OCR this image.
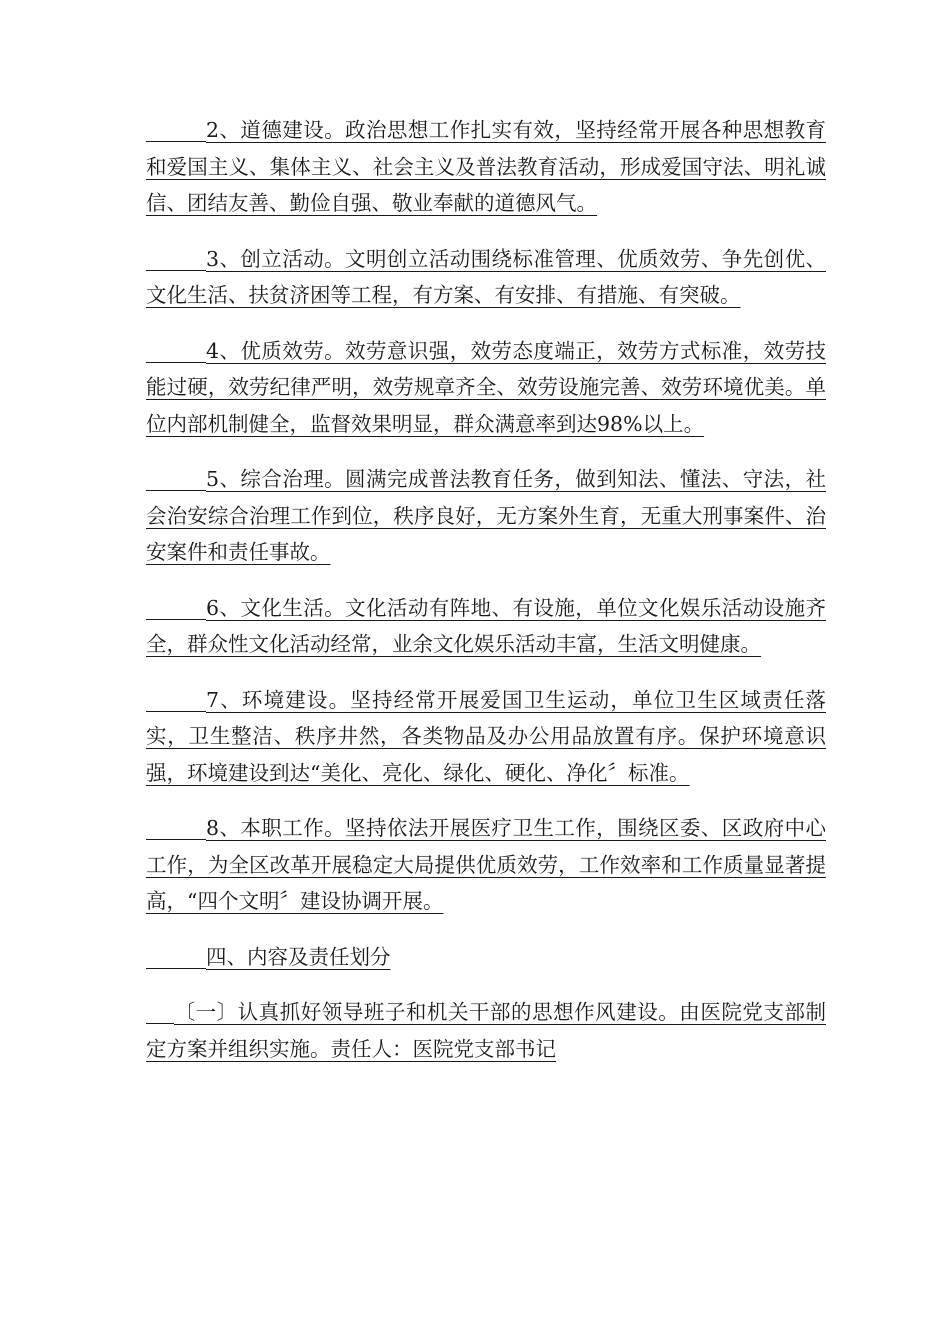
2、道德建设。政治思想工作扎实有效，坚持经常开展各种思想教育和爱国主义、集体主义、社会主义及普法教育活动，形成爱国守法、明礼诚信、团结友善、勤俭自强、敬业奉献的道德风气。

3、创立活动。文明创立活动围绕标准管理、优质效劳、争先创优、文化生活、扶贫济困等工程，有方案、有安排、有措施、有突破。

4、优质效劳。效劳意识强，效劳态度端正，效劳方式标准，效劳技能过硬，效劳纪律严明，效劳规章齐全、效劳设施完善、效劳环境优美。单位内部机制健全，监督效果明显，群众满意率到达98%以上。

5、综合治理。圆满完成普法教育任务，做到知法、懂法、守法，社会治安综合治理工作到位，秩序良好，无方案外生育，无重大刑事案件、治安案件和责任事故。

6、文化生活。文化活动有阵地、有设施，单位文化娱乐活动设施齐全，群众性文化活动经常，业余文化娱乐活动丰富，生活文明健康。

7、环境建设。坚持经常开展爱国卫生运动，单位卫生区域责任落实，卫生整洁、秩序井然，各类物品及办公用品放置有序。保护环境意识强，环境建设到达“美化、亮化、绿化、硬化、净化〞标准。

8、本职工作。坚持依法开展医疗卫生工作，围绕区委、区政府中心工作，为全区改革开展稳定大局提供优质效劳，工作效率和工作质量显著提高，“四个文明〞建设协调开展。

四、内容及责任划分

〔一〕认真抓好领导班子和机关干部的思想作风建设。由医院党支部制定方案并组织实施。责任人：医院党支部书记
